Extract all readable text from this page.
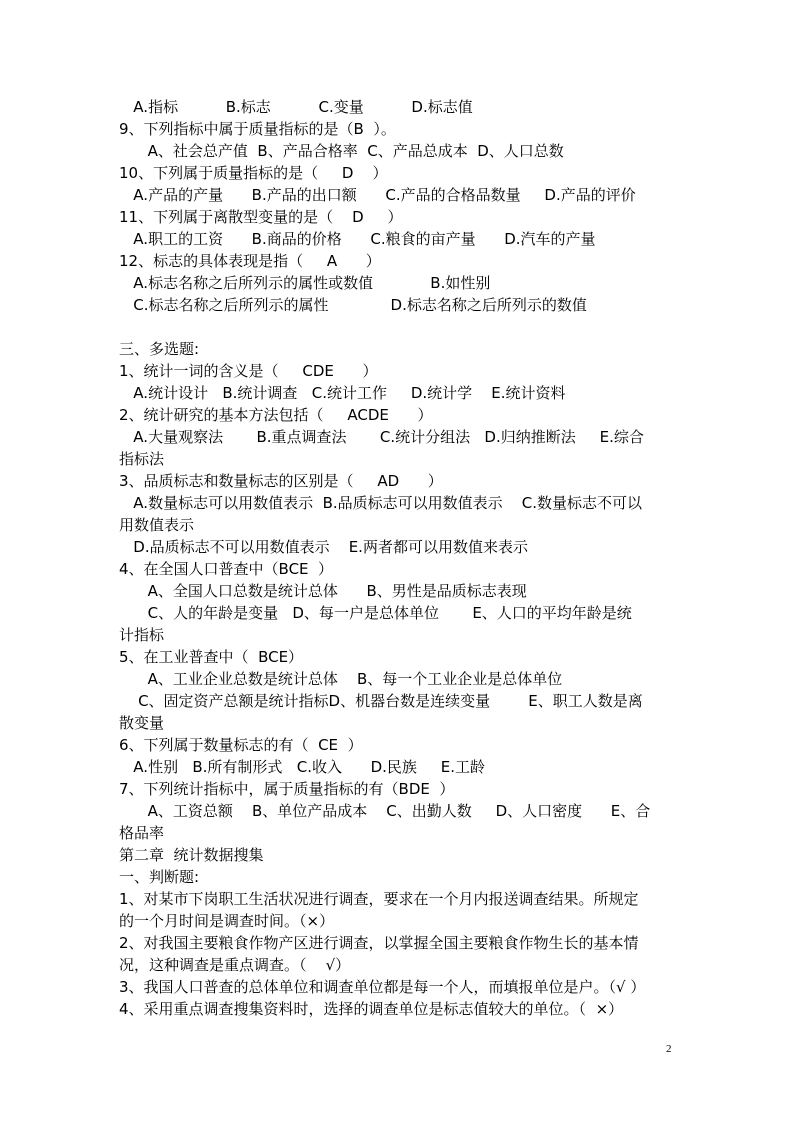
A.指标          B.标志          C.变量          D.标志值
9、下列指标中属于质量指标的是（B  ）。
A、社会总产值  B、产品合格率  C、产品总成本  D、人口总数
10、下列属于质量指标的是（     D    ）
A.产品的产量      B.产品的出口额      C.产品的合格品数量     D.产品的评价
11、下列属于离散型变量的是（    D     ）
A.职工的工资      B.商品的价格      C.粮食的亩产量      D.汽车的产量
12、标志的具体表现是指（     A      ）
A.标志名称之后所列示的属性或数值            B.如性别
C.标志名称之后所列示的属性             D.标志名称之后所列示的数值
三、多选题:
1、统计一词的含义是（     CDE      ）
A.统计设计   B.统计调查   C.统计工作     D.统计学    E.统计资料
2、统计研究的基本方法包括（     ACDE      ）
A.大量观察法       B.重点调查法       C.统计分组法   D.归纳推断法     E.综合
指标法
3、品质标志和数量标志的区别是（     AD      ）
A.数量标志可以用数值表示  B.品质标志可以用数值表示    C.数量标志不可以
用数值表示
D.品质标志不可以用数值表示    E.两者都可以用数值来表示
4、在全国人口普查中（BCE  ）
A、全国人口总数是统计总体      B、男性是品质标志表现
C、人的年龄是变量   D、每一户是总体单位       E、人口的平均年龄是统
计指标
5、在工业普查中（  BCE）
A、工业企业总数是统计总体    B、每一个工业企业是总体单位
C、固定资产总额是统计指标D、机器台数是连续变量        E、职工人数是离
散变量
6、下列属于数量标志的有（  CE  ）
A.性别   B.所有制形式   C.收入      D.民族     E.工龄
7、下列统计指标中，属于质量指标的有（BDE  ）
A、工资总额    B、单位产品成本    C、出勤人数     D、人口密度      E、合
格品率
第二章  统计数据搜集
一、判断题:
1、对某市下岗职工生活状况进行调查，要求在一个月内报送调查结果。所规定
的一个月时间是调查时间。（×）
2、对我国主要粮食作物产区进行调查，以掌握全国主要粮食作物生长的基本情
况，这种调查是重点调查。（    √）
3、我国人口普查的总体单位和调查单位都是每一个人，而填报单位是户。（√ ）
4、采用重点调查搜集资料时，选择的调查单位是标志值较大的单位。（  ×）
2
